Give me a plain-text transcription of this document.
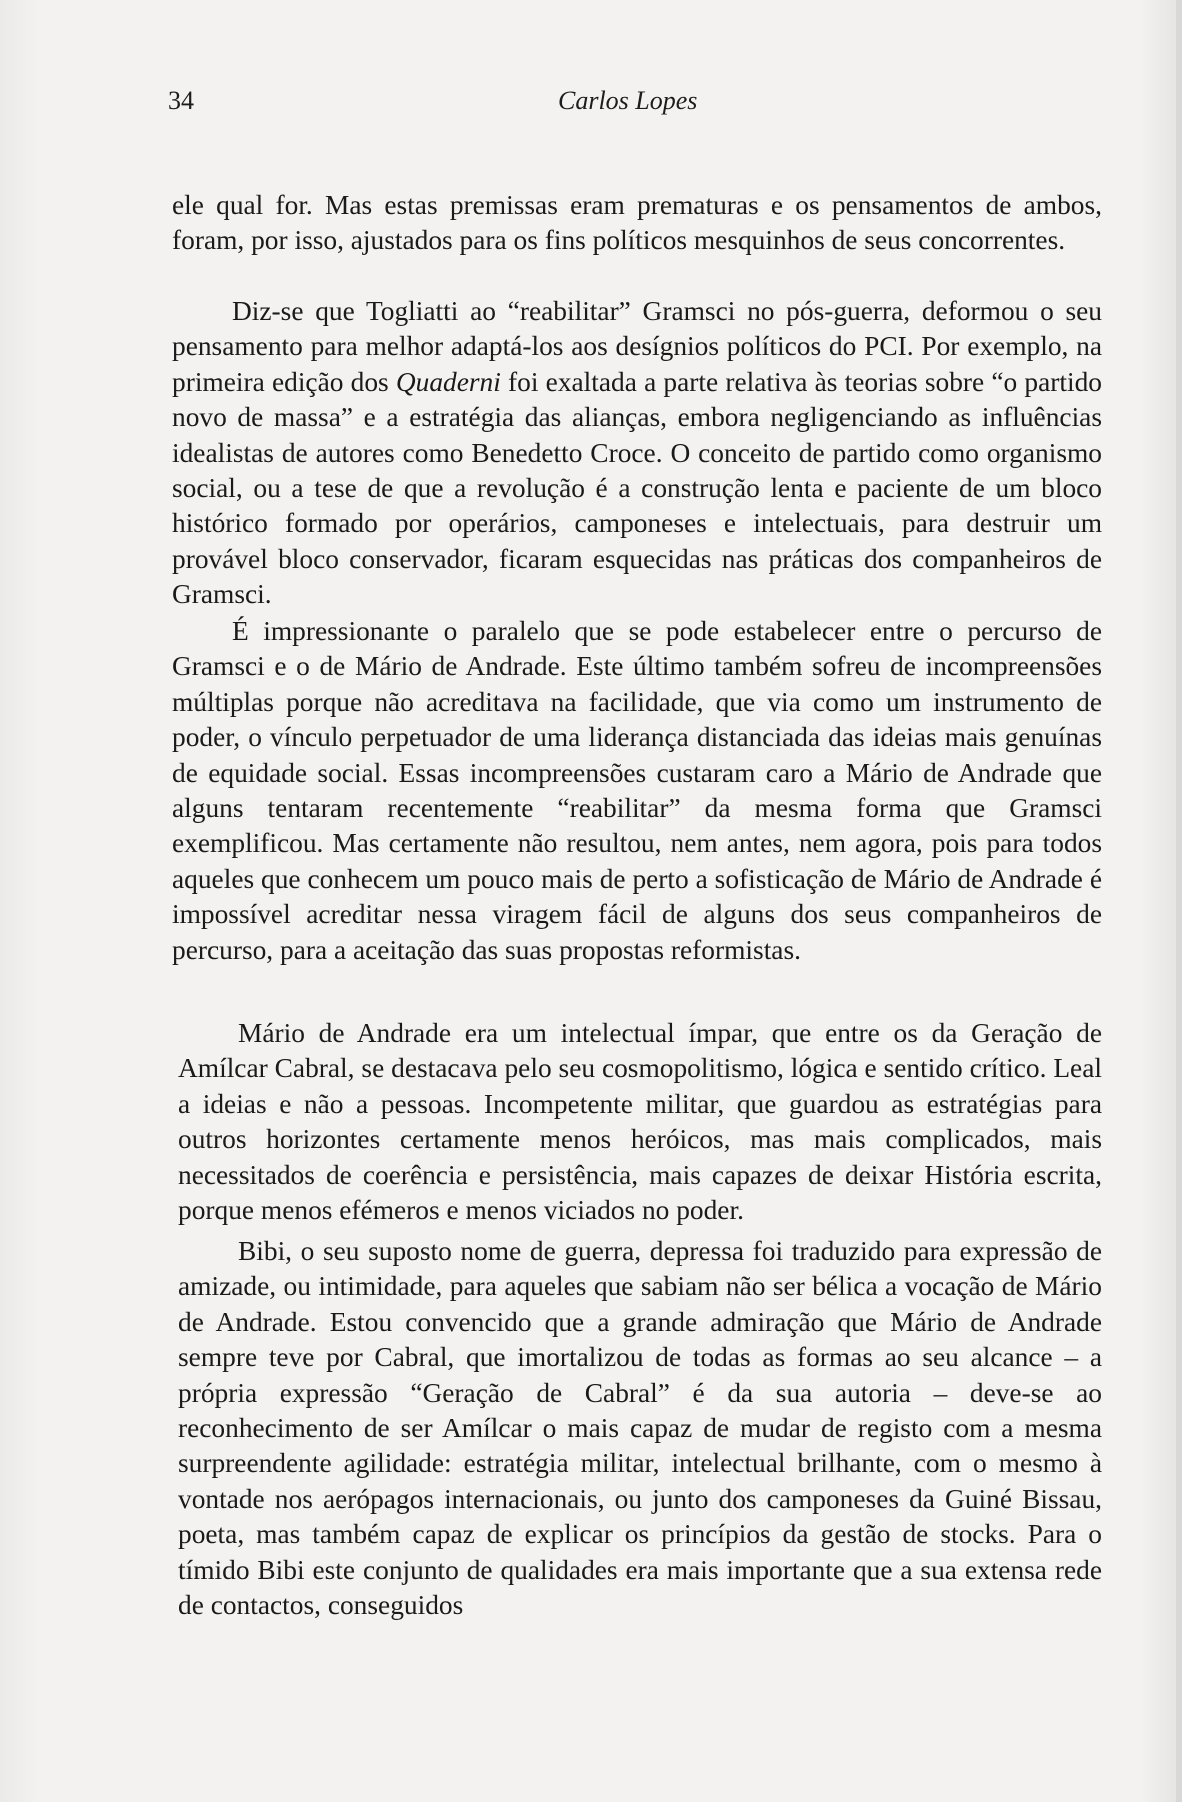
34	Carlos Lopes

ele qual for. Mas estas premissas eram prematuras e os pensamentos de ambos, foram, por isso, ajustados para os fins políticos mesquinhos de seus concorrentes.

Diz-se que Togliatti ao “reabilitar” Gramsci no pós-guerra, deformou o seu pensamento para melhor adaptá-los aos desígnios políticos do PCI. Por exemplo, na primeira edição dos Quaderni foi exaltada a parte relativa às teorias sobre “o partido novo de massa” e a estratégia das alianças, embora negligenciando as influências idealistas de autores como Benedetto Croce. O conceito de partido como organismo social, ou a tese de que a revolução é a construção lenta e paciente de um bloco histórico formado por operários, camponeses e intelectuais, para destruir um provável bloco conservador, ficaram esquecidas nas práticas dos companheiros de Gramsci.

É impressionante o paralelo que se pode estabelecer entre o percurso de Gramsci e o de Mário de Andrade. Este último também sofreu de incompreensões múltiplas porque não acreditava na facilidade, que via como um instrumento de poder, o vínculo perpetuador de uma liderança distanciada das ideias mais genuínas de equidade social. Essas incompreensões custaram caro a Mário de Andrade que alguns tentaram recentemente “reabilitar” da mesma forma que Gramsci exemplificou. Mas certamente não resultou, nem antes, nem agora, pois para todos aqueles que conhecem um pouco mais de perto a sofisticação de Mário de Andrade é impossível acreditar nessa viragem fácil de alguns dos seus companheiros de percurso, para a aceitação das suas propostas reformistas.

Mário de Andrade era um intelectual ímpar, que entre os da Geração de Amílcar Cabral, se destacava pelo seu cosmopolitismo, lógica e sentido crítico. Leal a ideias e não a pessoas. Incompetente militar, que guardou as estratégias para outros horizontes certamente menos heróicos, mas mais complicados, mais necessitados de coerência e persistência, mais capazes de deixar História escrita, porque menos efémeros e menos viciados no poder.

Bibi, o seu suposto nome de guerra, depressa foi traduzido para expressão de amizade, ou intimidade, para aqueles que sabiam não ser bélica a vocação de Mário de Andrade. Estou convencido que a grande admiração que Mário de Andrade sempre teve por Cabral, que imortalizou de todas as formas ao seu alcance – a própria expressão “Geração de Cabral” é da sua autoria – deve-se ao reconhecimento de ser Amílcar o mais capaz de mudar de registo com a mesma surpreendente agilidade: estratégia militar, intelectual brilhante, com o mesmo à vontade nos aerópagos internacionais, ou junto dos camponeses da Guiné Bissau, poeta, mas também capaz de explicar os princípios da gestão de stocks. Para o tímido Bibi este conjunto de qualidades era mais importante que a sua extensa rede de contactos, conseguidos
